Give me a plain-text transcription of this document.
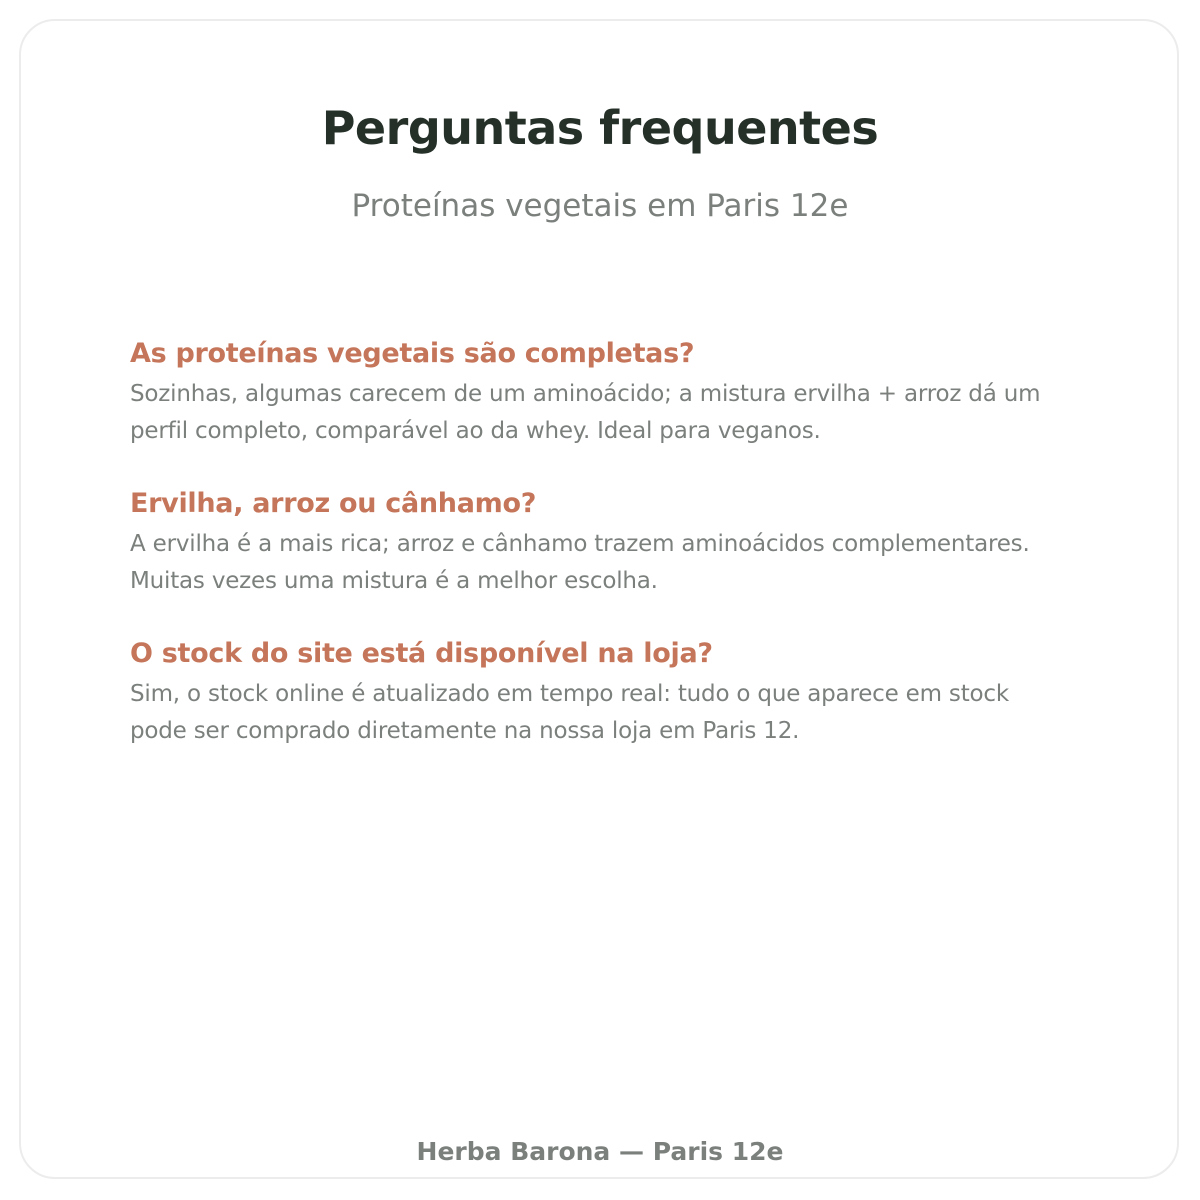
Perguntas frequentes
Proteínas vegetais em Paris 12e
As proteínas vegetais são completas?
Sozinhas, algumas carecem de um aminoácido; a mistura ervilha + arroz dá um
perfil completo, comparável ao da whey. Ideal para veganos.
Ervilha, arroz ou cânhamo?
A ervilha é a mais rica; arroz e cânhamo trazem aminoácidos complementares.
Muitas vezes uma mistura é a melhor escolha.
O stock do site está disponível na loja?
Sim, o stock online é atualizado em tempo real: tudo o que aparece em stock
pode ser comprado diretamente na nossa loja em Paris 12.
Herba Barona — Paris 12e
